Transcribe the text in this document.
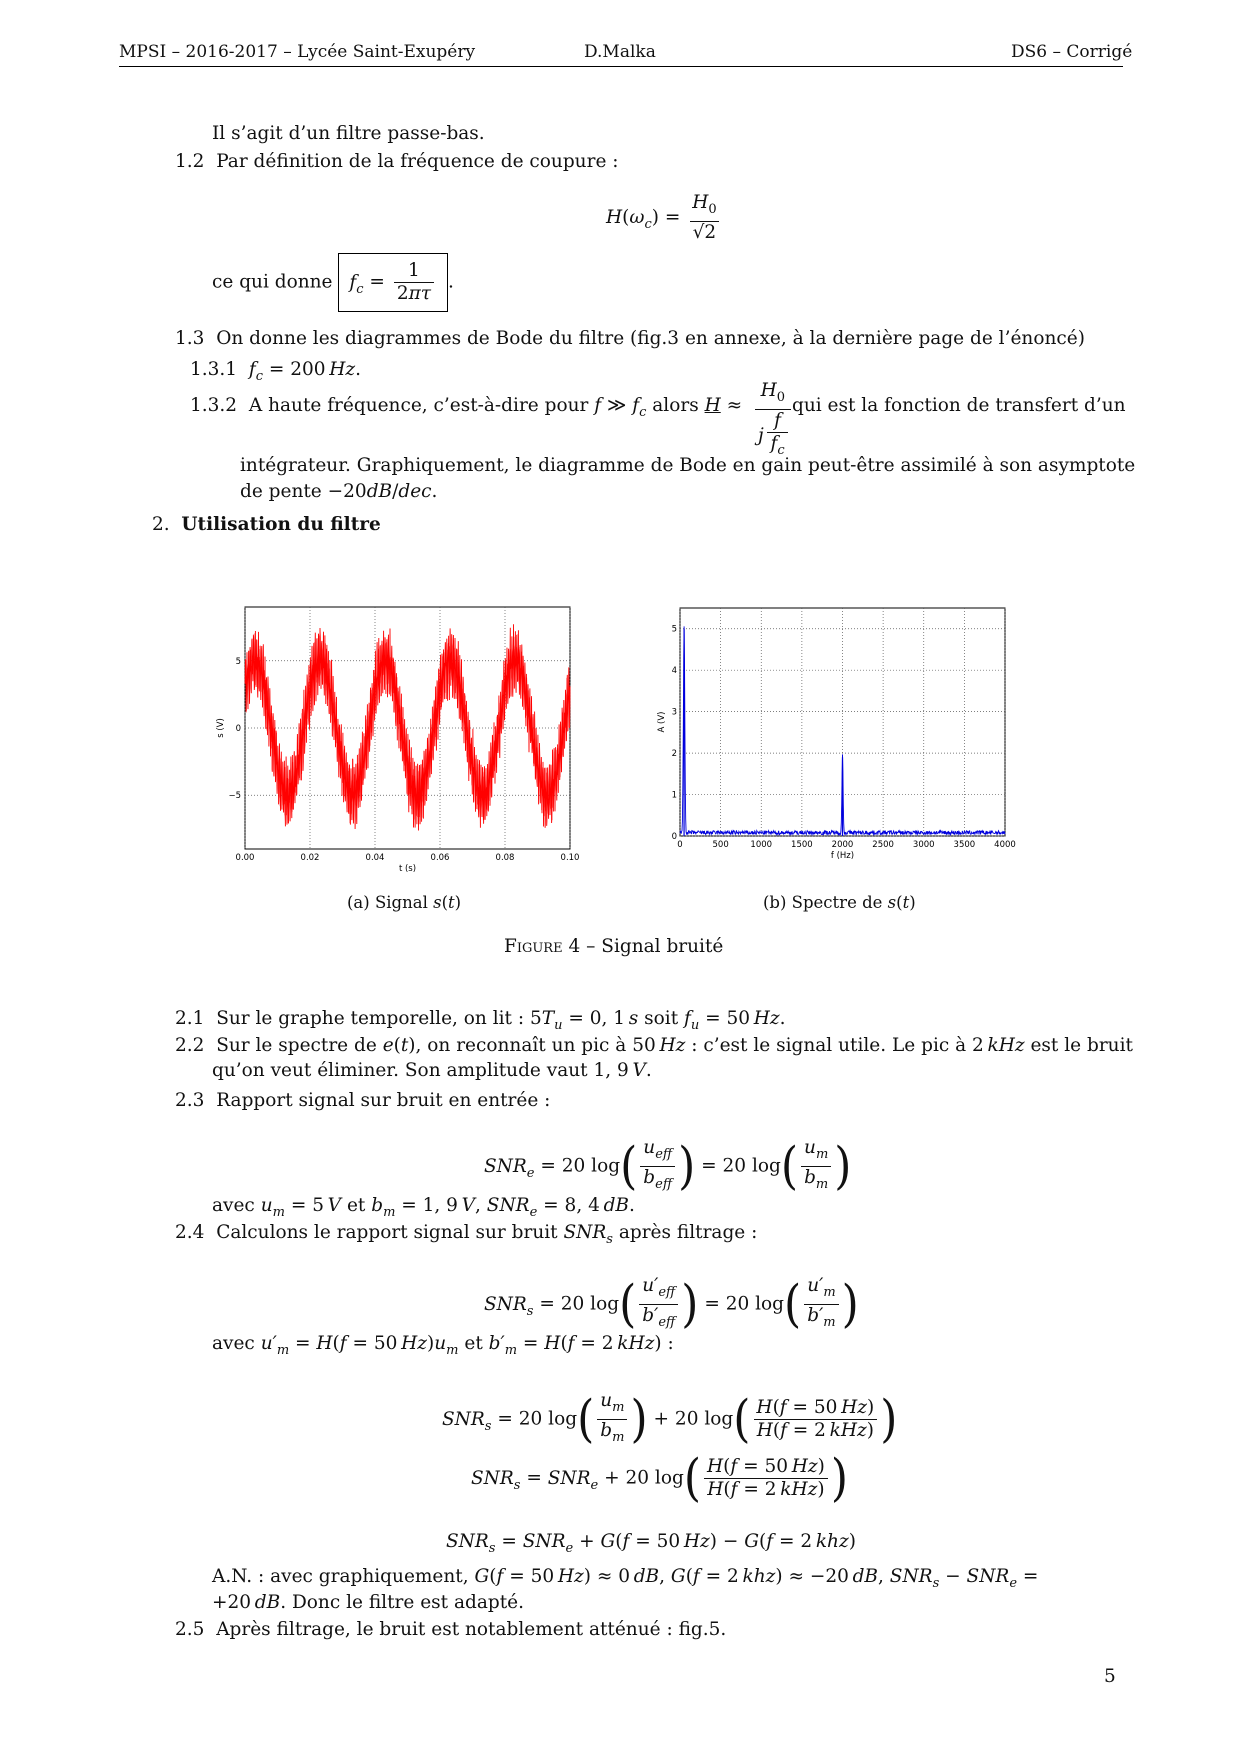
MPSI – 2016-2017 – Lycée Saint-Exupéry	D.Malka	DS6 – Corrigé
Il s’agit d’un filtre passe-bas.
1.2 Par définition de la fréquence de coupure :
$H(\omega_c) = \frac{H_0}{√2}$
ce qui donne $f_c = \frac{1}{2\pi\tau}$ .
1.3 On donne les diagrammes de Bode du filtre (fig.3 en annexe, à la dernière page de l’énoncé)
1.3.1 $f_c = 200$  Hz.
1.3.2 A haute fréquence, c’est-à-dire pour f ≫ $f_c$ alors $H \approx \frac{H_0}{j \frac{f}{f_c}}$ qui est la fonction de transfert d’un
intégrateur. Graphiquement, le diagramme de Bode en gain peut-être assimilé à son asymptote
de pente −20dB/dec.
2. Utilisation du filtre
0.00	0.02	0.04	0.06	0.08	0.10
−5
0
5
t (s)
s (V)
0	500	1000 1500 2000 2500 3000 3500 4000
0
1
2
3
4
5
f (Hz)
A (V)
(a) Signal s(t)	(b) Spectre de s(t)
Figure 4 – Signal bruité
2.1 Sur le graphe temporelle, on lit : $5T_u = 0$, 1 s soit $f_u = 50$ Hz.
2.2 Sur le spectre de e(t), on reconnaît un pic à 50 Hz : c’est le signal utile. Le pic à 2 kHz est le bruit
qu’on veut éliminer. Son amplitude vaut 1, 9 V.
2.3 Rapport signal sur bruit en entrée :
$SNR_e = 20$ $\log( \frac{u_{eff}}{b_{eff}}$ ) = 20 $\log( \frac{u_m}{b_m}$ )
avec $u_m = 5$ V et $b_m = 1$, 9 V, $SNR_e = 8$, 4 dB.
2.4 Calculons le rapport signal sur bruit $SNR_s$ après filtrage :
$SNR_s = 20$ $\log( \frac{u'_{eff}}{b'_{eff}}$ ) = 20 $\log( \frac{u'_m}{b'_m}$ )
avec $u'_m = H(f = 50$ $Hz)u_m$ et $b'_m = H(f = 2$ kHz) :
$SNR_s = 20$ $\log( \frac{u_m}{b_m}$ ) + 20 $\log( \frac{H(f = 50 Hz)}{\text{H(f = 2 kHz)}}$ )
$SNR_s = SNR_e + 20$ $\log( \frac{H(f = 50 Hz)}{\text{H(f = 2 kHz)}}$ )
$SNR_s = SNR_e + G(f = 50$ Hz) − G(f = 2 khz)
A.N. : avec graphiquement, G(f = 50 Hz) ≈ 0 dB, G(f = 2 khz) ≈ −20 dB, $SNR_s - SNR_e$ =
+20 dB. Donc le filtre est adapté.
2.5 Après filtrage, le bruit est notablement atténué : fig.5.
5
